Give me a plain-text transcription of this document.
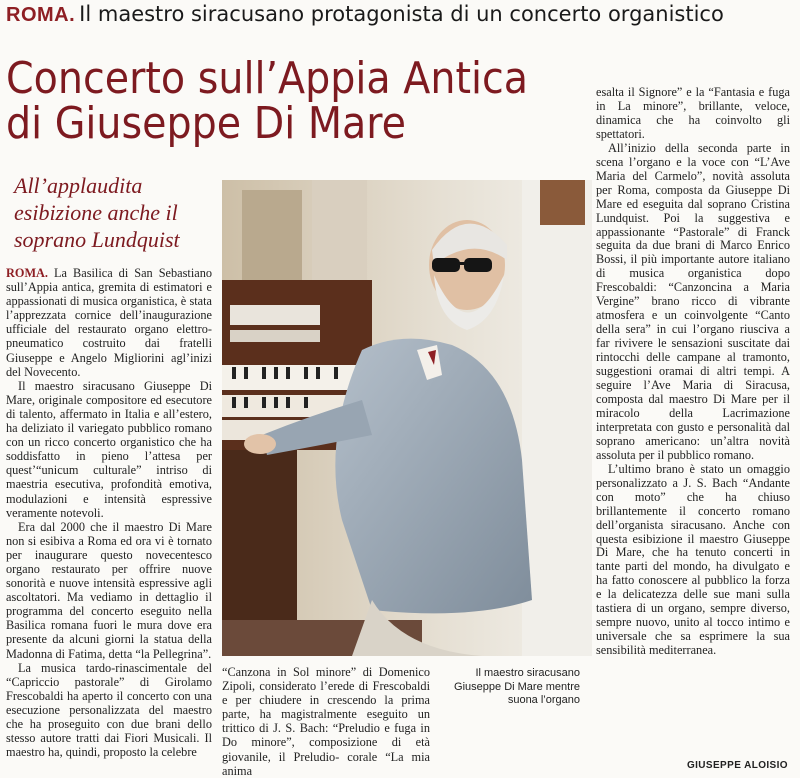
ROMA. Il maestro siracusano protagonista di un concerto organistico
Concerto sull’Appia Antica
di Giuseppe Di Mare
All’applaudita esibizione anche il soprano Lundquist

ROMA. La Basilica di San Sebastiano sull’Appia antica, gremita di estimatori e appassionati di musica organistica, è stata l’apprezzata cornice dell’inaugurazione ufficiale del restaurato organo elettro-pneumatico costruito dai fratelli Giuseppe e Angelo Migliorini agl’inizi del Novecento.

Il maestro siracusano Giuseppe Di Mare, originale compositore ed esecutore di talento, affermato in Italia e all’estero, ha deliziato il variegato pubblico romano con un ricco concerto organistico che ha soddisfatto in pieno l’attesa per quest’“unicum culturale” intriso di maestria esecutiva, profondità emotiva, modulazioni e intensità espressive veramente notevoli.

Era dal 2000 che il maestro Di Mare non si esibiva a Roma ed ora vi è tornato per inaugurare questo novecentesco organo restaurato per offrire nuove sonorità e nuove intensità espressive agli ascoltatori. Ma vediamo in dettaglio il programma del concerto eseguito nella Basilica romana fuori le mura dove era presente da alcuni giorni la statua della Madonna di Fatima, detta “la Pellegrina”.

La musica tardo-rinascimentale del “Capriccio pastorale” di Girolamo Frescobaldi ha aperto il concerto con una esecuzione personalizzata del maestro che ha proseguito con due brani dello stesso autore tratti dai Fiori Musicali. Il maestro ha, quindi, proposto la celebre

“Canzona in Sol minore” di Domenico Zipoli, considerato l’erede di Frescobaldi e per chiudere in crescendo la prima parte, ha magistralmente eseguito un trittico di J. S. Bach: “Preludio e fuga in Do minore”, composizione di età giovanile, il Preludio- corale “La mia anima

Il maestro siracusano
Giuseppe Di Mare mentre
suona l’organo

esalta il Signore” e la “Fantasia e fuga in La minore”, brillante, veloce, dinamica che ha coinvolto gli spettatori.

All’inizio della seconda parte in scena l’organo e la voce con “L’Ave Maria del Carmelo”, novità assoluta per Roma, composta da Giuseppe Di Mare ed eseguita dal soprano Cristina Lundquist. Poi la suggestiva e appassionante “Pastorale” di Franck seguita da due brani di Marco Enrico Bossi, il più importante autore italiano di musica organistica dopo Frescobaldi: “Canzoncina a Maria Vergine” brano ricco di vibrante atmosfera e un coinvolgente “Canto della sera” in cui l’organo riusciva a far rivivere le sensazioni suscitate dai rintocchi delle campane al tramonto, suggestioni oramai di altri tempi. A seguire l’Ave Maria di Siracusa, composta dal maestro Di Mare per il miracolo della Lacrimazione interpretata con gusto e personalità dal soprano americano: un’altra novità assoluta per il pubblico romano.

L’ultimo brano è stato un omaggio personalizzato a J. S. Bach “Andante con moto” che ha chiuso brillantemente il concerto romano dell’organista siracusano. Anche con questa esibizione il maestro Giuseppe Di Mare, che ha tenuto concerti in tante parti del mondo, ha divulgato e ha fatto conoscere al pubblico la forza e la delicatezza delle sue mani sulla tastiera di un organo, sempre diverso, sempre nuovo, unito al tocco intimo e universale che sa esprimere la sua sensibilità mediterranea.

GIUSEPPE ALOISIO
